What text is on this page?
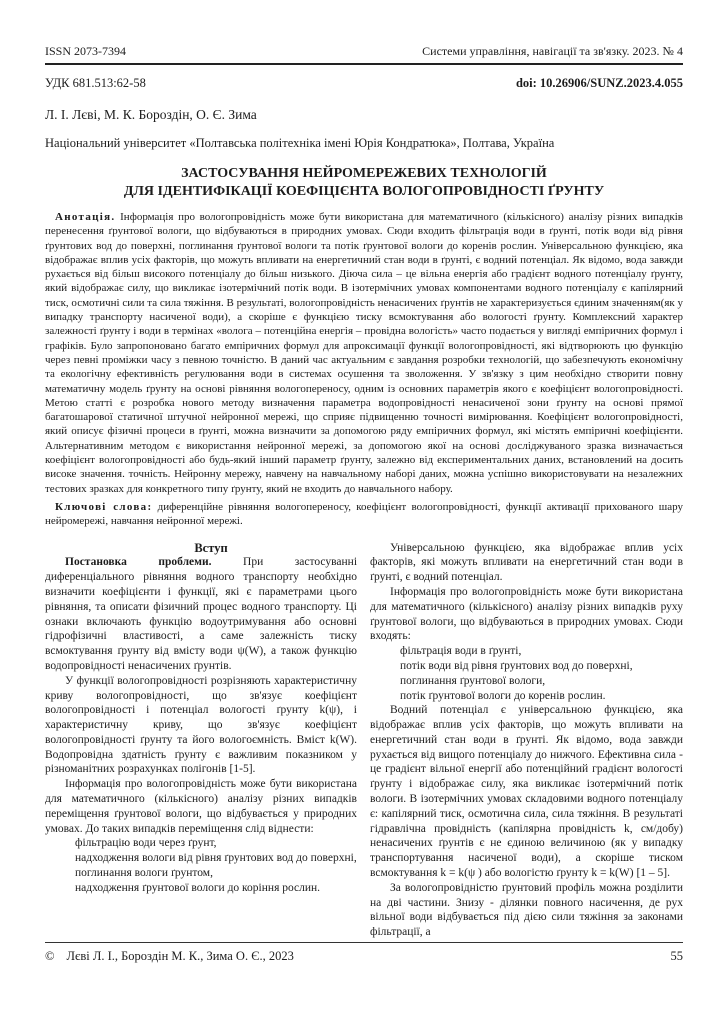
ISSN 2073-7394	Системи управління, навігації та зв'язку. 2023. № 4
УДК 681.513:62-58	doi: 10.26906/SUNZ.2023.4.055
Л. І. Лєві, М. К. Бороздін, О. Є. Зима
Національний університет «Полтавська політехніка імені Юрія Кондратюка», Полтава, Україна
ЗАСТОСУВАННЯ НЕЙРОМЕРЕЖЕВИХ ТЕХНОЛОГІЙ
ДЛЯ ІДЕНТИФІКАЦІЇ КОЕФІЦІЄНТА ВОЛОГОПРОВІДНОСТІ ҐРУНТУ

Анотація. Інформація про вологопровідність може бути використана для математичного (кількісного) аналізу різних випадків перенесення ґрунтової вологи, що відбуваються в природних умовах. Сюди входить фільтрація води в ґрунті, потік води від рівня ґрунтових вод до поверхні, поглинання ґрунтової вологи та потік ґрунтової вологи до коренів рослин. Універсальною функцією, яка відображає вплив усіх факторів, що можуть впливати на енергетичний стан води в ґрунті, є водний потенціал. Як відомо, вода завжди рухається від більш високого потенціалу до більш низького. Діюча сила – це вільна енергія або градієнт водного потенціалу ґрунту, який відображає силу, що викликає ізотермічний потік води. В ізотермічних умовах компонентами водного потенціалу є капілярний тиск, осмотичні сили та сила тяжіння. В результаті, вологопровідність ненасичених ґрунтів не характеризується єдиним значенням(як у випадку транспорту насиченої води), а скоріше є функцією тиску всмоктування або вологості ґрунту. Комплексний характер залежності ґрунту і води в термінах «волога – потенційна енергія – провідна вологість» часто подається у вигляді емпіричних формул і графіків. Було запропоновано багато емпіричних формул для апроксимації функції вологопровідності, які відтворюють цю функцію через певні проміжки часу з певною точністю. В даний час актуальним є завдання розробки технологій, що забезпечують економічну та екологічну ефективність регулювання води в системах осушення та зволоження. У зв'язку з цим необхідно створити повну математичну модель ґрунту на основі рівняння вологопереносу, одним із основних параметрів якого є коефіцієнт вологопровідності. Метою статті є розробка нового методу визначення параметра водопровідності ненасиченої зони ґрунту на основі прямої багатошарової статичної штучної нейронної мережі, що сприяє підвищенню точності вимірювання. Коефіцієнт вологопровідності, який описує фізичні процеси в ґрунті, можна визначити за допомогою ряду емпіричних формул, які містять емпіричні коефіцієнти. Альтернативним методом є використання нейронної мережі, за допомогою якої на основі досліджуваного зразка визначається коефіцієнт вологопровідності або будь-який інший параметр ґрунту, залежно від експериментальних даних, встановлений на досить високе значення. точність. Нейронну мережу, навчену на навчальному наборі даних, можна успішно використовувати на незалежних тестових зразках для конкретного типу ґрунту, який не входить до навчального набору.

Ключові слова: диференційне рівняння вологопереносу, коефіцієнт вологопровідності, функції активації прихованого шару нейромережі, навчання нейронної мережі.

Вступ

Постановка проблеми.	При застосуванні диференціального рівняння водного транспорту необхідно визначити коефіцієнти і функції, які є параметрами цього рівняння, та описати фізичний процес водного транспорту. Ці ознаки включають функцію водоутримування або основні гідрофізичні властивості, а саме залежність тиску всмоктування ґрунту від вмісту води ψ(W), а також функцію водопровідності ненасичених ґрунтів.

У функції вологопровідності розрізняють характеристичну криву вологопровідності, що зв'язує коефіцієнт вологопровідності і потенціал вологості ґрунту k(ψ), і характеристичну криву, що зв'язує коефіцієнт вологопровідності ґрунту та його вологоємність. Вміст k(W). Водопровідна здатність ґрунту є важливим показником у різноманітних розрахунках полігонів [1-5].

Інформація про вологопровідність може бути використана для математичного (кількісного) аналізу різних випадків переміщення ґрунтової вологи, що відбувається у природних умовах. До таких випадків переміщення слід віднести:

фільтрацію води через ґрунт,

надходження вологи від рівня ґрунтових вод до поверхні,

поглинання вологи ґрунтом,

надходження ґрунтової вологи до коріння рослин.

Універсальною функцією, яка відображає вплив усіх факторів, які можуть впливати на енергетичний стан води в ґрунті, є водний потенціал.

Інформація про вологопровідність може бути використана для математичного (кількісного) аналізу різних випадків руху ґрунтової вологи, що відбуваються в природних умовах. Сюди входять:

фільтрація води в ґрунті,

потік води від рівня ґрунтових вод до поверхні,

поглинання ґрунтової вологи,

потік ґрунтової вологи до коренів рослин.

Водний потенціал є універсальною функцією, яка відображає вплив усіх факторів, що можуть впливати на енергетичний стан води в ґрунті. Як відомо, вода завжди рухається від вищого потенціалу до нижчого. Ефективна сила - це градієнт вільної енергії або потенційний градієнт вологості ґрунту і відображає силу, яка викликає ізотермічний потік вологи. В ізотермічних умовах складовими водного потенціалу є: капілярний тиск, осмотична сила, сила тяжіння. В результаті гідравлічна провідність (капілярна провідність k, см/добу) ненасичених ґрунтів є не єдиною величиною (як у випадку транспортування насиченої води), а скоріше тиском всмоктування k = k(ψ ) або вологістю ґрунту k = k(W) [1 – 5].

За вологопровідністю ґрунтовий профіль можна розділити на дві частини. Знизу - ділянки повного насичення, де рух вільної води відбувається під дією сили тяжіння за законами фільтрації, а

© Лєві Л. І., Бороздін М. К., Зима О. Є., 2023	55
